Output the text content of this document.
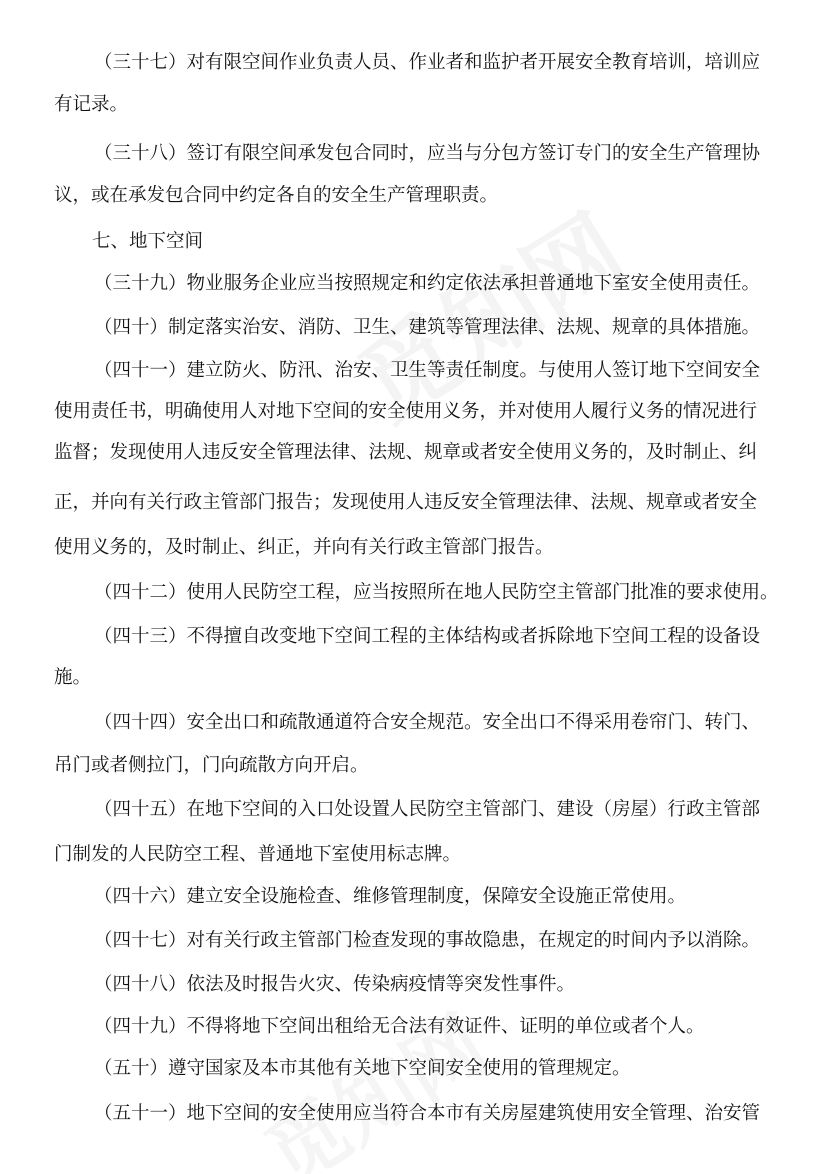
（三十七）对有限空间作业负责人员、作业者和监护者开展安全教育培训，培训应
有记录。
（三十八）签订有限空间承发包合同时，应当与分包方签订专门的安全生产管理协
议，或在承发包合同中约定各自的安全生产管理职责。
七、地下空间
（三十九）物业服务企业应当按照规定和约定依法承担普通地下室安全使用责任。
（四十）制定落实治安、消防、卫生、建筑等管理法律、法规、规章的具体措施。
（四十一）建立防火、防汛、治安、卫生等责任制度。与使用人签订地下空间安全
使用责任书，明确使用人对地下空间的安全使用义务，并对使用人履行义务的情况进行
监督；发现使用人违反安全管理法律、法规、规章或者安全使用义务的，及时制止、纠
正，并向有关行政主管部门报告；发现使用人违反安全管理法律、法规、规章或者安全
使用义务的，及时制止、纠正，并向有关行政主管部门报告。
（四十二）使用人民防空工程，应当按照所在地人民防空主管部门批准的要求使用。
（四十三）不得擅自改变地下空间工程的主体结构或者拆除地下空间工程的设备设
施。
（四十四）安全出口和疏散通道符合安全规范。安全出口不得采用卷帘门、转门、
吊门或者侧拉门，门向疏散方向开启。
（四十五）在地下空间的入口处设置人民防空主管部门、建设（房屋）行政主管部
门制发的人民防空工程、普通地下室使用标志牌。
（四十六）建立安全设施检查、维修管理制度，保障安全设施正常使用。
（四十七）对有关行政主管部门检查发现的事故隐患，在规定的时间内予以消除。
（四十八）依法及时报告火灾、传染病疫情等突发性事件。
（四十九）不得将地下空间出租给无合法有效证件、证明的单位或者个人。
（五十）遵守国家及本市其他有关地下空间安全使用的管理规定。
（五十一）地下空间的安全使用应当符合本市有关房屋建筑使用安全管理、治安管
